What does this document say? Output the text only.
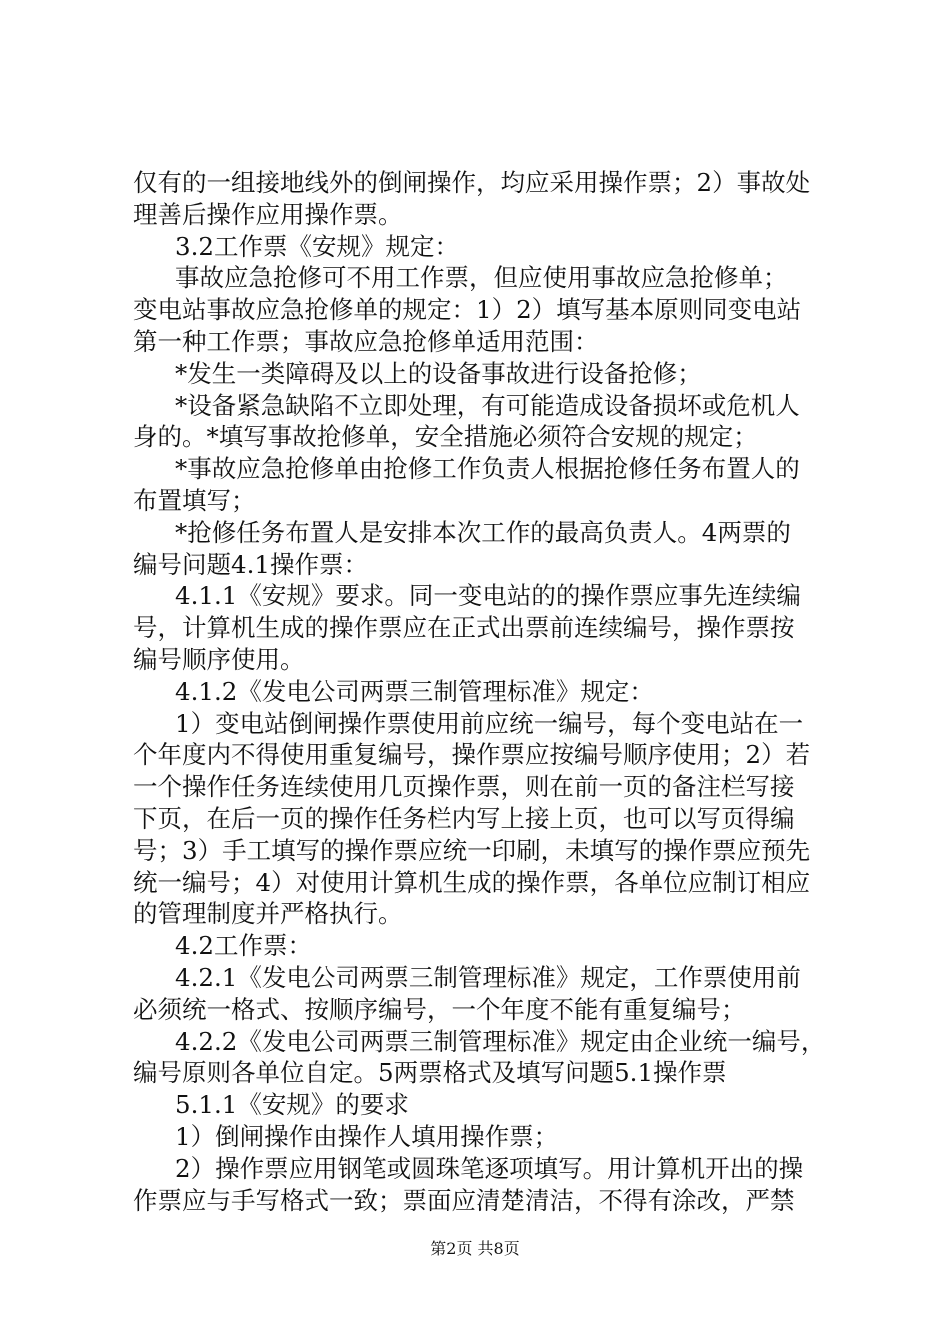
仅有的一组接地线外的倒闸操作，均应采用操作票；2）事故处
理善后操作应用操作票。
3.2工作票《安规》规定：
事故应急抢修可不用工作票，但应使用事故应急抢修单；
变电站事故应急抢修单的规定：1）2）填写基本原则同变电站
第一种工作票；事故应急抢修单适用范围：
*发生一类障碍及以上的设备事故进行设备抢修；
*设备紧急缺陷不立即处理，有可能造成设备损坏或危机人
身的。*填写事故抢修单，安全措施必须符合安规的规定；
*事故应急抢修单由抢修工作负责人根据抢修任务布置人的
布置填写；
*抢修任务布置人是安排本次工作的最高负责人。4两票的
编号问题4.1操作票：
4.1.1《安规》要求。同一变电站的的操作票应事先连续编
号，计算机生成的操作票应在正式出票前连续编号，操作票按
编号顺序使用。
4.1.2《发电公司两票三制管理标准》规定：
1）变电站倒闸操作票使用前应统一编号，每个变电站在一
个年度内不得使用重复编号，操作票应按编号顺序使用；2）若
一个操作任务连续使用几页操作票，则在前一页的备注栏写接
下页，在后一页的操作任务栏内写上接上页，也可以写页得编
号；3）手工填写的操作票应统一印刷，未填写的操作票应预先
统一编号；4）对使用计算机生成的操作票，各单位应制订相应
的管理制度并严格执行。
4.2工作票：
4.2.1《发电公司两票三制管理标准》规定，工作票使用前
必须统一格式、按顺序编号，一个年度不能有重复编号；
4.2.2《发电公司两票三制管理标准》规定由企业统一编号，
编号原则各单位自定。5两票格式及填写问题5.1操作票
5.1.1《安规》的要求
1）倒闸操作由操作人填用操作票；
2）操作票应用钢笔或圆珠笔逐项填写。用计算机开出的操
作票应与手写格式一致；票面应清楚清洁，不得有涂改，严禁
第2页 共8页
